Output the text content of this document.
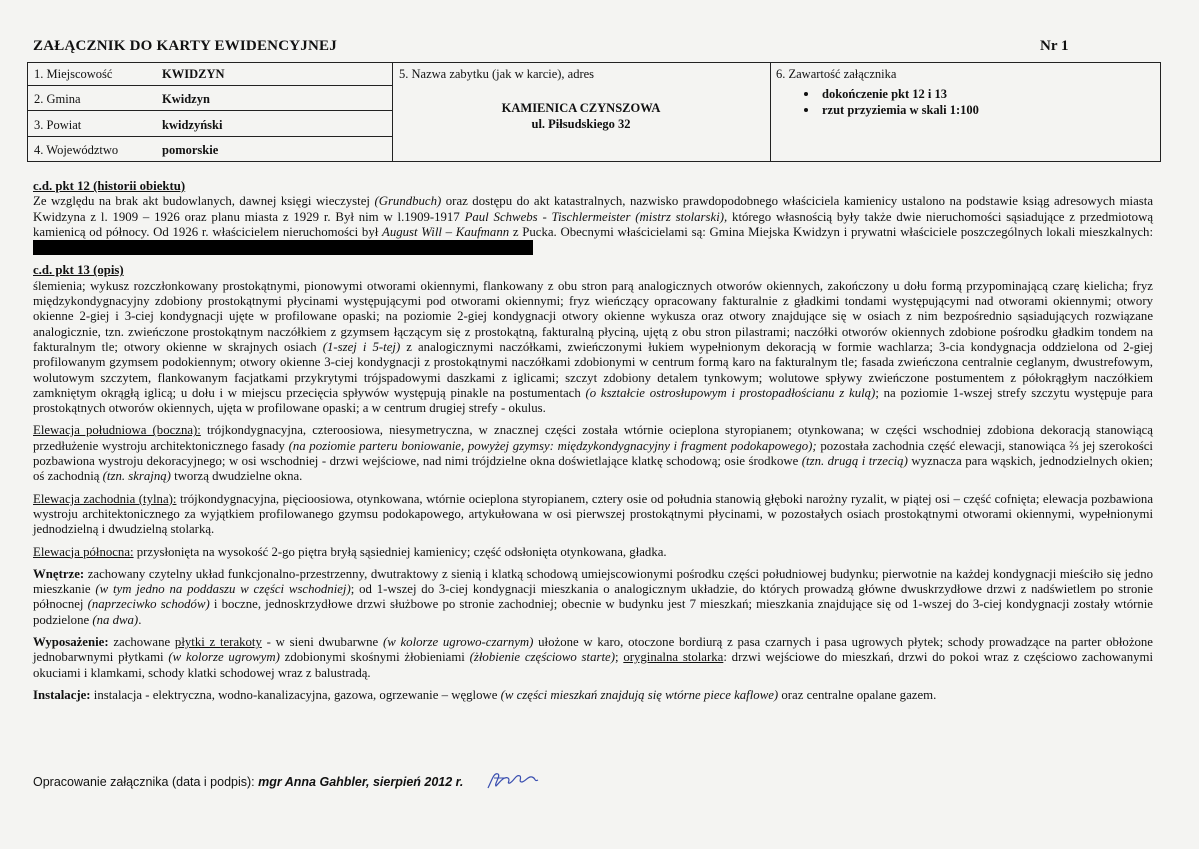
ZAŁĄCZNIK DO KARTY EWIDENCYJNEJ	Nr 1
1. Miejscowość	KWIDZYN
2. Gmina	Kwidzyn
3. Powiat	kwidzyński
4. Województwo	pomorskie
5. Nazwa zabytku (jak w karcie), adres
KAMIENICA CZYNSZOWA
ul. Piłsudskiego 32
6. Zawartość załącznika
dokończenie pkt 12 i 13
rzut przyziemia w skali 1:100

c.d. pkt 12 (historii obiektu)
Ze względu na brak akt budowlanych, dawnej księgi wieczystej (Grundbuch) oraz dostępu do akt katastralnych, nazwisko prawdopodobnego właściciela kamienicy ustalono na podstawie ksiąg adresowych miasta Kwidzyna z l. 1909 – 1926 oraz planu miasta z 1929 r. Był nim w l.1909-1917 Paul Schwebs - Tischlermeister (mistrz stolarski), którego własnością były także dwie nieruchomości sąsiadujące z przedmiotową kamienicą od północy. Od 1926 r. właścicielem nieruchomości był August Will – Kaufmann z Pucka. Obecnymi właścicielami są: Gmina Miejska Kwidzyn i prywatni właściciele poszczególnych lokali mieszkalnych:

c.d. pkt 13 (opis)
ślemienia; wykusz rozczłonkowany prostokątnymi, pionowymi otworami okiennymi, flankowany z obu stron parą analogicznych otworów okiennych, zakończony u dołu formą przypominającą czarę kielicha; fryz międzykondygnacyjny zdobiony prostokątnymi płycinami występującymi pod otworami okiennymi; fryz wieńczący opracowany fakturalnie z gładkimi tondami występującymi nad otworami okiennymi; otwory okienne 2-giej i 3-ciej kondygnacji ujęte w profilowane opaski; na poziomie 2-giej kondygnacji otwory okienne wykusza oraz otwory znajdujące się w osiach z nim bezpośrednio sąsiadujących rozwiązane analogicznie, tzn. zwieńczone prostokątnym naczółkiem z gzymsem łączącym się z prostokątną, fakturalną płyciną, ujętą z obu stron pilastrami; naczółki otworów okiennych zdobione pośrodku gładkim tondem na fakturalnym tle; otwory okienne w skrajnych osiach (1-szej i 5-tej) z analogicznymi naczółkami, zwieńczonymi łukiem wypełnionym dekoracją w formie wachlarza; 3-cia kondygnacja oddzielona od 2-giej profilowanym gzymsem podokiennym; otwory okienne 3-ciej kondygnacji z prostokątnymi naczółkami zdobionymi w centrum formą karo na fakturalnym tle; fasada zwieńczona centralnie ceglanym, dwustrefowym, wolutowym szczytem, flankowanym facjatkami przykrytymi trójspadowymi daszkami z iglicami; szczyt zdobiony detalem tynkowym; wolutowe spływy zwieńczone postumentem z półokrągłym naczółkiem zamkniętym okrągłą iglicą; u dołu i w miejscu przecięcia spływów występują pinakle na postumentach (o kształcie ostrosłupowym i prostopadłościanu z kulą); na poziomie 1-wszej strefy szczytu występuje para prostokątnych otworów okiennych, ujęta w profilowane opaski; a w centrum drugiej strefy - okulus.

Elewacja południowa (boczna): trójkondygnacyjna, czteroosiowa, niesymetryczna, w znacznej części została wtórnie ocieplona styropianem; otynkowana; w części wschodniej zdobiona dekoracją stanowiącą przedłużenie wystroju architektonicznego fasady (na poziomie parteru boniowanie, powyżej gzymsy: międzykondygnacyjny i fragment podokapowego); pozostała zachodnia część elewacji, stanowiąca ⅔ jej szerokości pozbawiona wystroju dekoracyjnego; w osi wschodniej - drzwi wejściowe, nad nimi trójdzielne okna doświetlające klatkę schodową; osie środkowe (tzn. drugą i trzecią) wyznacza para wąskich, jednodzielnych okien; oś zachodnią (tzn. skrajną) tworzą dwudzielne okna.

Elewacja zachodnia (tylna): trójkondygnacyjna, pięcioosiowa, otynkowana, wtórnie ocieplona styropianem, cztery osie od południa stanowią głęboki narożny ryzalit, w piątej osi – część cofnięta; elewacja pozbawiona wystroju architektonicznego za wyjątkiem profilowanego gzymsu podokapowego, artykułowana w osi pierwszej prostokątnymi płycinami, w pozostałych osiach prostokątnymi otworami okiennymi, wypełnionymi jednodzielną i dwudzielną stolarką.

Elewacja północna: przysłonięta na wysokość 2-go piętra bryłą sąsiedniej kamienicy; część odsłonięta otynkowana, gładka.

Wnętrze: zachowany czytelny układ funkcjonalno-przestrzenny, dwutraktowy z sienią i klatką schodową umiejscowionymi pośrodku części południowej budynku; pierwotnie na każdej kondygnacji mieściło się jedno mieszkanie (w tym jedno na poddaszu w części wschodniej); od 1-wszej do 3-ciej kondygnacji mieszkania o analogicznym układzie, do których prowadzą główne dwuskrzydłowe drzwi z nadświetlem po stronie północnej (naprzeciwko schodów) i boczne, jednoskrzydłowe drzwi służbowe po stronie zachodniej; obecnie w budynku jest 7 mieszkań; mieszkania znajdujące się od 1-wszej do 3-ciej kondygnacji zostały wtórnie podzielone (na dwa).

Wyposażenie: zachowane płytki z terakoty - w sieni dwubarwne (w kolorze ugrowo-czarnym) ułożone w karo, otoczone bordiurą z pasa czarnych i pasa ugrowych płytek; schody prowadzące na parter obłożone jednobarwnymi płytkami (w kolorze ugrowym) zdobionymi skośnymi żłobieniami (żłobienie częściowo starte); oryginalna stolarka: drzwi wejściowe do mieszkań, drzwi do pokoi wraz z częściowo zachowanymi okuciami i klamkami, schody klatki schodowej wraz z balustradą.

Instalacje: instalacja - elektryczna, wodno-kanalizacyjna, gazowa, ogrzewanie – węglowe (w części mieszkań znajdują się wtórne piece kaflowe) oraz centralne opalane gazem.

Opracowanie załącznika (data i podpis): mgr Anna Gahbler, sierpień 2012 r.
